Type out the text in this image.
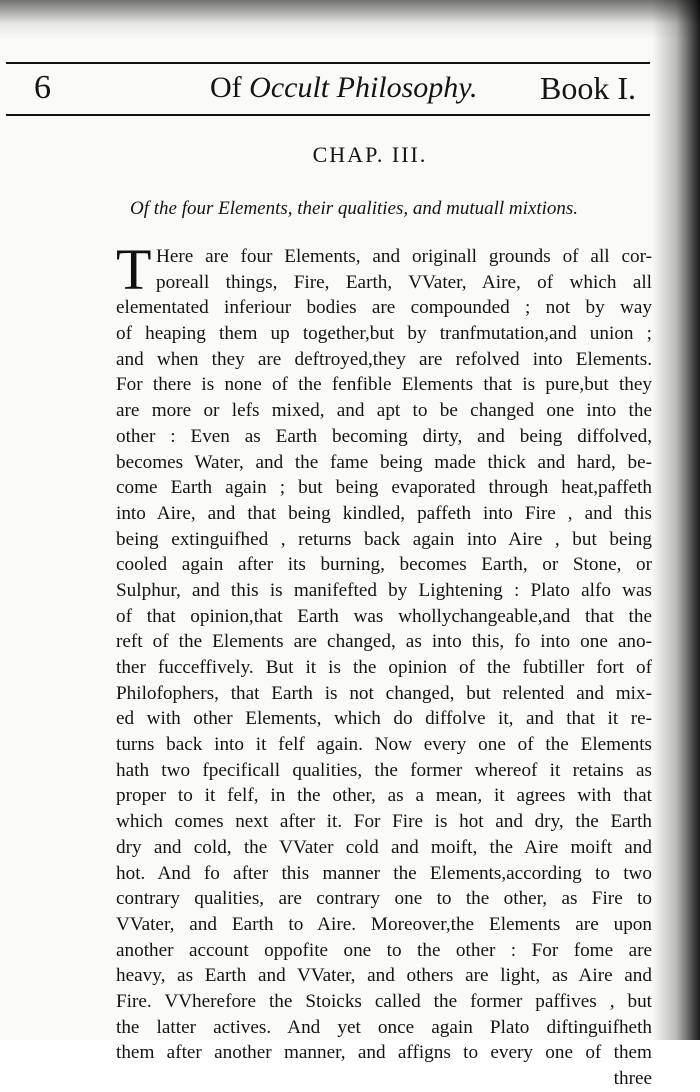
6	Of Occult Philosophy. Book I.
CHAP. III.
Of the four Elements, their qualities, and mutuall mixtions.
T Here are four Elements, and originall grounds of all cor-
poreall things, Fire, Earth, VVater, Aire, of which all
elementated inferiour bodies are compounded ; not by way
of heaping them up together,but by tranfmutation,and union ;
and when they are deftroyed,they are refolved into Elements.
For there is none of the fenfible Elements that is pure,but they
are more or lefs mixed, and apt to be changed one into the
other : Even as Earth becoming dirty, and being diffolved,
becomes Water, and the fame being made thick and hard, be-
come Earth again ; but being evaporated through heat,paffeth
into Aire, and that being kindled, paffeth into Fire , and this
being extinguifhed , returns back again into Aire , but being
cooled again after its burning, becomes Earth, or Stone, or
Sulphur, and this is manifefted by Lightening : Plato alfo was
of that opinion,that Earth was whollychangeable,and that the
reft of the Elements are changed, as into this, fo into one ano-
ther fucceffively. But it is the opinion of the fubtiller fort of
Philofophers, that Earth is not changed, but relented and mix-
ed with other Elements, which do diffolve it, and that it re-
turns back into it felf again. Now every one of the Elements
hath two fpecificall qualities, the former whereof it retains as
proper to it felf, in the other, as a mean, it agrees with that
which comes next after it. For Fire is hot and dry, the Earth
dry and cold, the VVater cold and moift, the Aire moift and
hot. And fo after this manner the Elements,according to two
contrary qualities, are contrary one to the other, as Fire to
VVater, and Earth to Aire. Moreover,the Elements are upon
another account oppofite one to the other : For fome are
heavy, as Earth and VVater, and others are light, as Aire and
Fire. VVherefore the Stoicks called the former paffives , but
the latter actives. And yet once again Plato diftinguifheth
them after another manner, and affigns to every one of them
three
